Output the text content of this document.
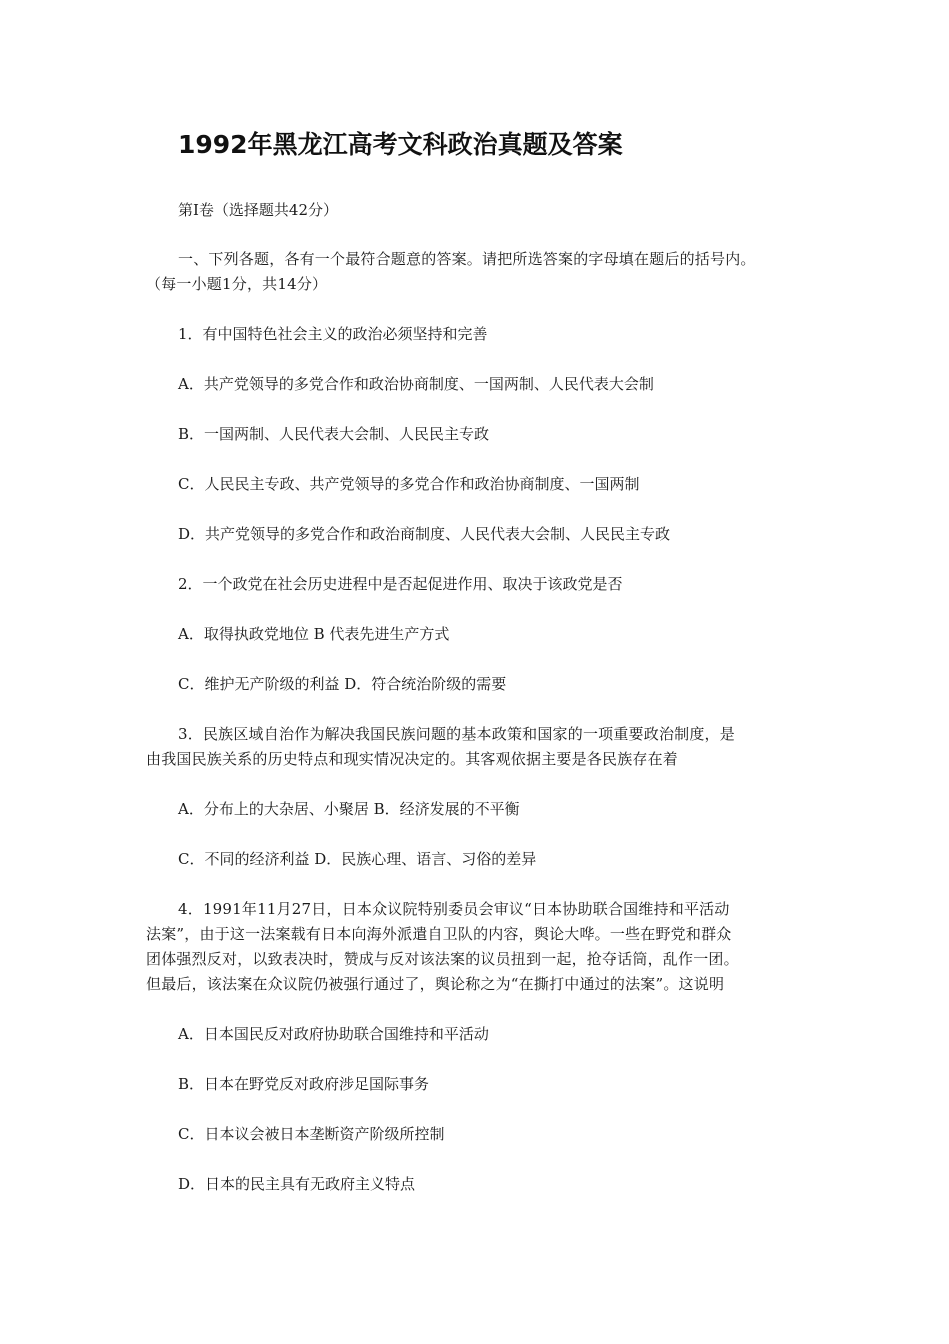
1992年黑龙江高考文科政治真题及答案

第Ⅰ卷（选择题共42分）

一、下列各题，各有一个最符合题意的答案。请把所选答案的字母填在题后的括号内。
（每一小题1分，共14分）

1．有中国特色社会主义的政治必须坚持和完善

A．共产党领导的多党合作和政治协商制度、一国两制、人民代表大会制

B．一国两制、人民代表大会制、人民民主专政

C．人民民主专政、共产党领导的多党合作和政治协商制度、一国两制

D．共产党领导的多党合作和政治商制度、人民代表大会制、人民民主专政

2．一个政党在社会历史进程中是否起促进作用、取决于该政党是否

A．取得执政党地位 B 代表先进生产方式

C．维护无产阶级的利益 D．符合统治阶级的需要

3．民族区域自治作为解决我国民族问题的基本政策和国家的一项重要政治制度，是
由我国民族关系的历史特点和现实情况决定的。其客观依据主要是各民族存在着

A．分布上的大杂居、小聚居 B．经济发展的不平衡

C．不同的经济利益 D．民族心理、语言、习俗的差异

4．1991年11月27日，日本众议院特别委员会审议“日本协助联合国维持和平活动
法案”，由于这一法案载有日本向海外派遣自卫队的内容，舆论大哗。一些在野党和群众
团体强烈反对，以致表决时，赞成与反对该法案的议员扭到一起，抢夺话筒，乱作一团。
但最后，该法案在众议院仍被强行通过了，舆论称之为“在撕打中通过的法案”。这说明

A．日本国民反对政府协助联合国维持和平活动

B．日本在野党反对政府涉足国际事务

C．日本议会被日本垄断资产阶级所控制

D．日本的民主具有无政府主义特点
